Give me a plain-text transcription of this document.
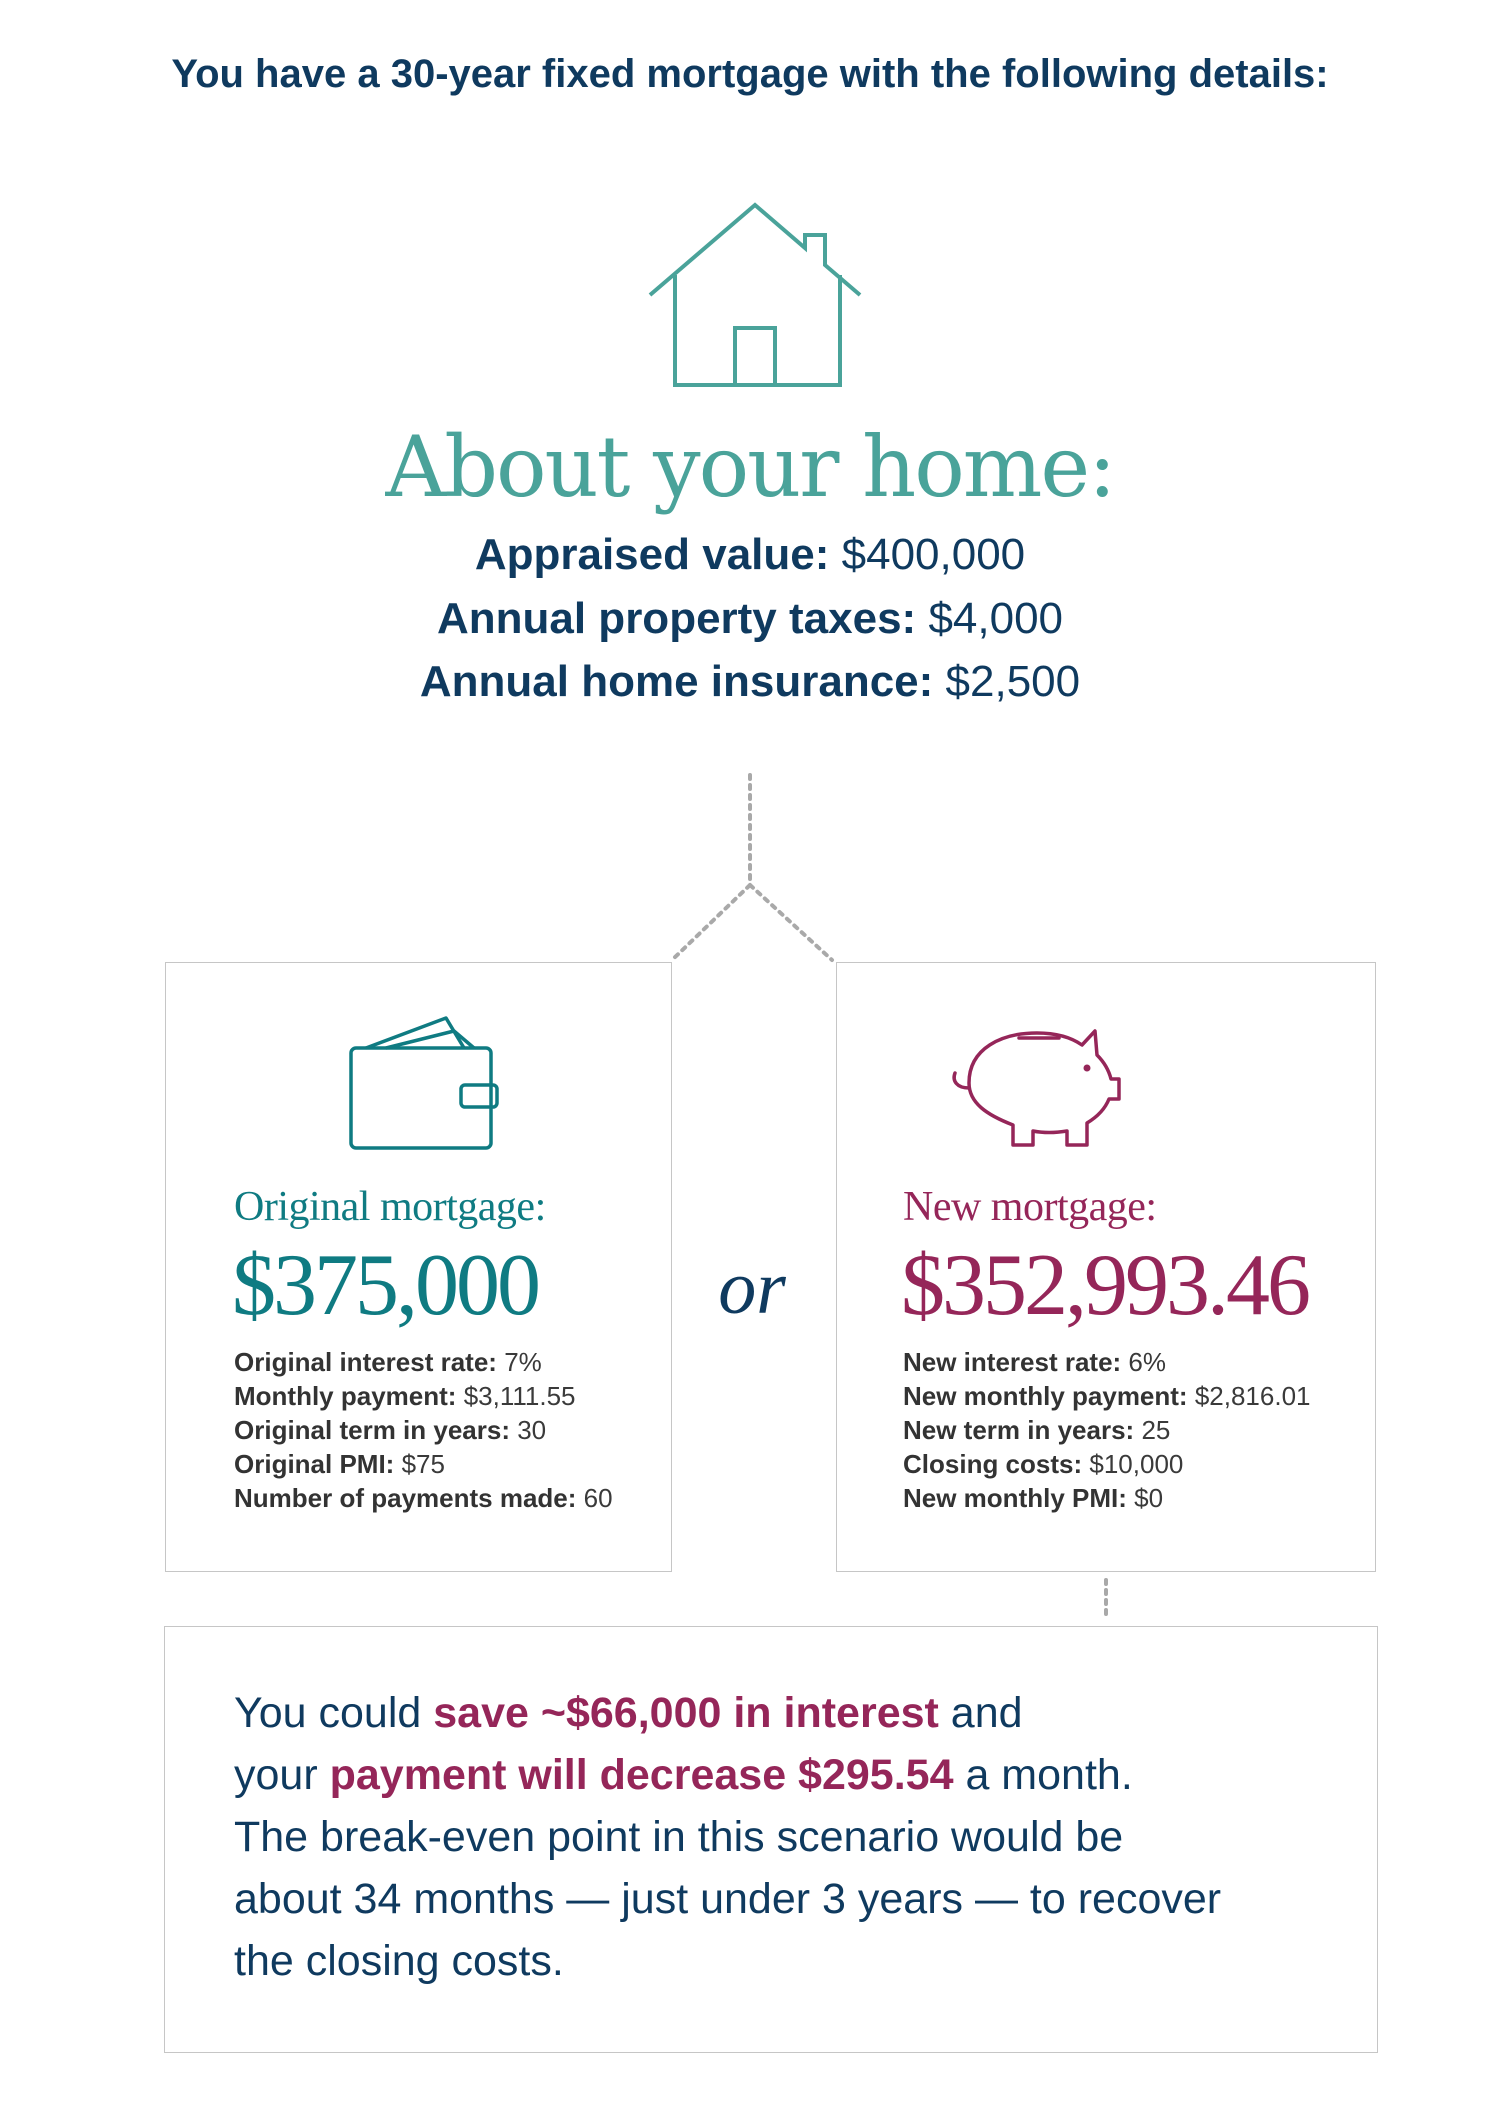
You have a 30-year fixed mortgage with the following details:
About your home:
Appraised value: $400,000
Annual property taxes: $4,000
Annual home insurance: $2,500
Original mortgage:
$375,000
Original interest rate: 7%
Monthly payment: $3,111.55
Original term in years: 30
Original PMI: $75
Number of payments made: 60
or
New mortgage:
$352,993.46
New interest rate: 6%
New monthly payment: $2,816.01
New term in years: 25
Closing costs: $10,000
New monthly PMI: $0
You could save ~$66,000 in interest and
your payment will decrease $295.54 a month.
The break-even point in this scenario would be
about 34 months — just under 3 years — to recover
the closing costs.
